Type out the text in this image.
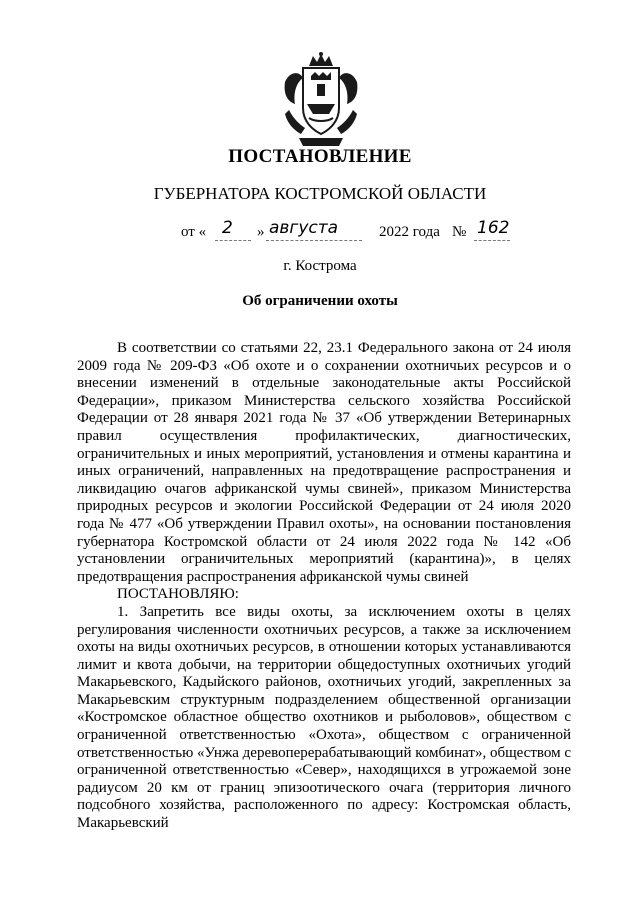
ПОСТАНОВЛЕНИЕ
ГУБЕРНАТОРА КОСТРОМСКОЙ ОБЛАСТИ
от « 2 » августа	2022 года № 162
г. Кострома
Об ограничении охоты

В соответствии со статьями 22, 23.1 Федерального закона от 24 июля 2009 года № 209-ФЗ «Об охоте и о сохранении охотничьих ресурсов и о внесении изменений в отдельные законодательные акты Российской Федерации», приказом Министерства сельского хозяйства Российской Федерации от 28 января 2021 года № 37 «Об утверждении Ветеринарных правил осуществления профилактических, диагностических, ограничительных и иных мероприятий, установления и отмены карантина и иных ограничений, направленных на предотвращение распространения и ликвидацию очагов африканской чумы свиней», приказом Министерства природных ресурсов и экологии Российской Федерации от 24 июля 2020 года № 477 «Об утверждении Правил охоты», на основании постановления губернатора Костромской области от 24 июля 2022 года № 142 «Об установлении ограничительных мероприятий (карантина)», в целях предотвращения распространения африканской чумы свиней

ПОСТАНОВЛЯЮ:

1. Запретить все виды охоты, за исключением охоты в целях регулирования численности охотничьих ресурсов, а также за исключением охоты на виды охотничьих ресурсов, в отношении которых устанавливаются лимит и квота добычи, на территории общедоступных охотничьих угодий Макарьевского, Кадыйского районов, охотничьих угодий, закрепленных за Макарьевским структурным подразделением общественной организации «Костромское областное общество охотников и рыболовов», обществом с ограниченной ответственностью «Охота», обществом с ограниченной ответственностью «Унжа деревоперерабатывающий комбинат», обществом с ограниченной ответственностью «Север», находящихся в угрожаемой зоне радиусом 20 км от границ эпизоотического очага (территория личного подсобного хозяйства, расположенного по адресу: Костромская область, Макарьевский
